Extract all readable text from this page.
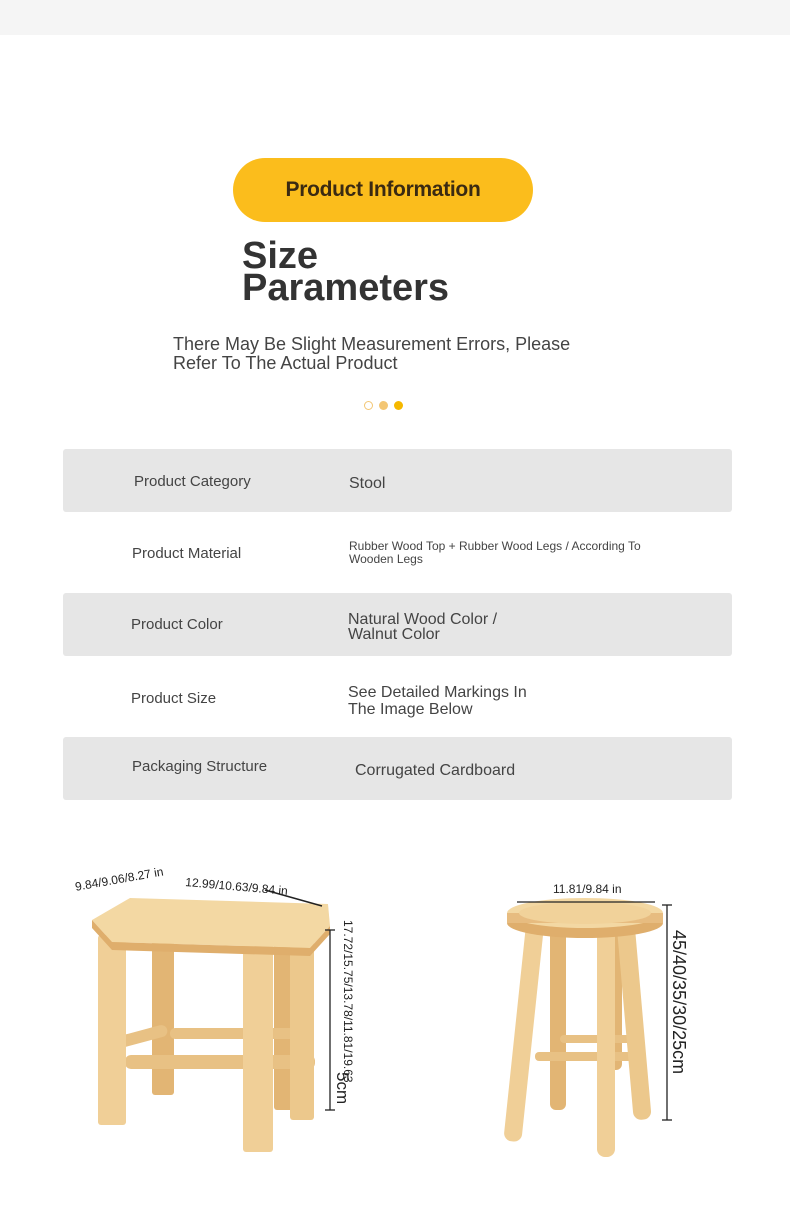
Product Information
Size
Parameters
There May Be Slight Measurement Errors, Please Refer To The Actual Product
Product Category	Stool
Product Material	Rubber Wood Top + Rubber Wood Legs / According To Wooden Legs
Product Color	Natural Wood Color / Walnut Color
Product Size	See Detailed Markings In The Image Below
Packaging Structure	Corrugated Cardboard
9.84/9.06/8.27 in 12.99/10.63/9.84 in
17.72/15.75/13.78/11.81/19.63
5cm
11.81/9.84 in
45/40/35/30/25cm
